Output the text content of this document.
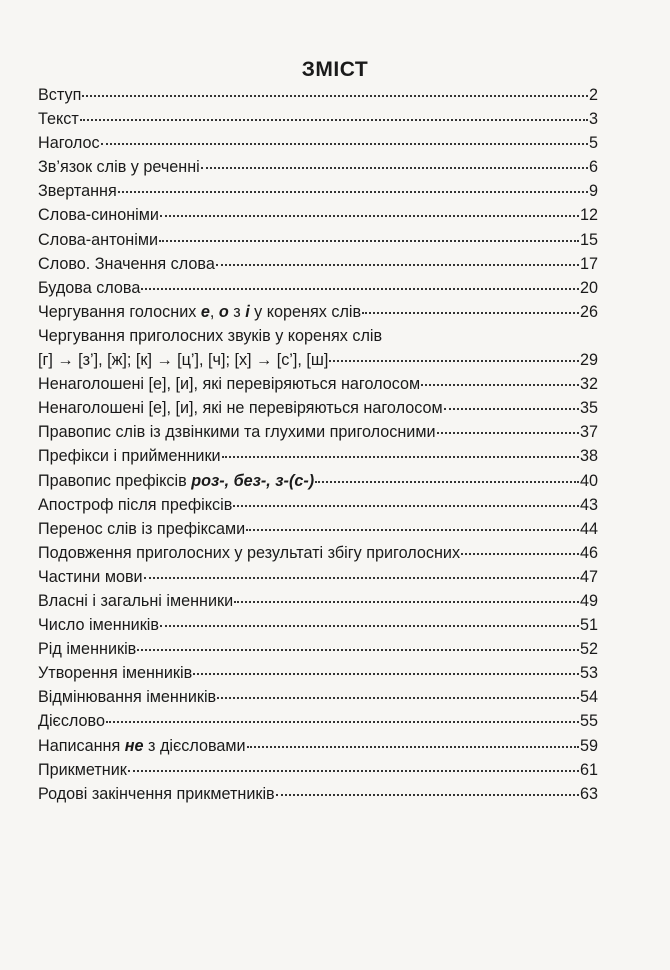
ЗМІСТ
Вступ	2
Текст	3
Наголос	5
Зв’язок слів у реченні	6
Звертання	9
Слова-синоніми	12
Слова-антоніми	15
Слово. Значення слова	17
Будова слова	20
Чергування голосних е, о з і у коренях слів	26
Чергування приголосних звуків у коренях слів
[г] → [з’], [ж]; [к] → [ц’], [ч]; [х] → [с’], [ш]	29
Ненаголошені [е], [и], які перевіряються наголосом	32
Ненаголошені [е], [и], які не перевіряються наголосом	35
Правопис слів із дзвінкими та глухими приголосними	37
Префікси і прийменники	38
Правопис префіксів роз-, без-, з-(с-)	40
Апостроф після префіксів	43
Перенос слів із префіксами	44
Подовження приголосних у результаті збігу приголосних	46
Частини мови	47
Власні і загальні іменники	49
Число іменників	51
Рід іменників	52
Утворення іменників	53
Відмінювання іменників	54
Дієслово	55
Написання не з дієсловами	59
Прикметник	61
Родові закінчення прикметників	63
